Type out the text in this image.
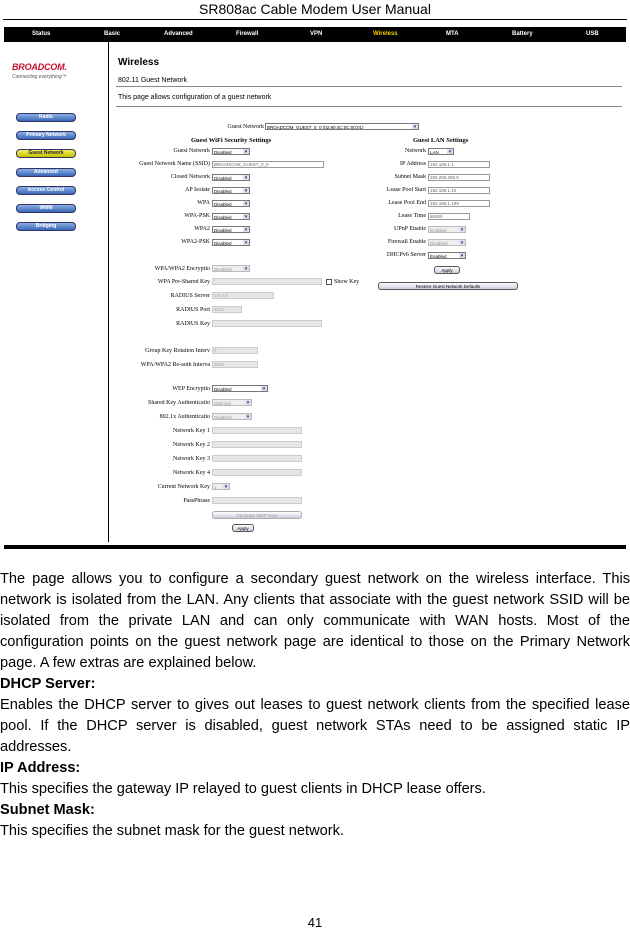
SR808ac Cable Modem User Manual
Status	Basic	Advanced	Firewall	VPN	Wireless	MTA	Battery	USB
BROADCOM.
Connecting everything™
Radio
Primary Network
Guest Network
Advanced
Access Control
WMM
Bridging
Wireless
802.11 Guest Network
This page allows configuration of a guest network
Guest Network BROADCOM_GUEST_0_0 (02:90:4C:0C:00:01) ▾
Guest WiFi Security Settings	Guest LAN Settings
Guest Network Disabled ▾
Guest Network Name (SSID) BROADCOM_GUEST_0_0
Closed Network Disabled ▾
AP Isolate Disabled ▾
WPA Disabled ▾
WPA-PSK Disabled ▾
WPA2 Disabled ▾
WPA2-PSK Disabled ▾
WPA/WPA2 Encryptio Disabled ▾
WPA Pre-Shared Key	Show Key
RADIUS Server 0.0.0.0
RADIUS Port 1812
RADIUS Key
Group Key Rotation Interv 0
WPA/WPA2 Re-auth Interva 3600
WEP Encryptio Disabled ▾
Shared Key Authenticatio Optional ▾
802.1x Authenticatio Disabled ▾
Network Key 1
Network Key 2
Network Key 3
Network Key 4
Current Network Key 1 ▾
PassPhrase
Generate WEP Keys
Apply
Network LAN ▾
IP Address 192.168.1.1
Subnet Mask 255.255.255.0
Lease Pool Start 192.168.1.10
Lease Pool End 192.168.1.199
Lease Time 86400
UPnP Enable Enabled ▾
Firewall Enable Disabled ▾
DHCPv6 Server Enabled ▾
Apply
Restore Guest Network Defaults
The page allows you to configure a secondary guest network on the wireless interface. This network is isolated from the LAN. Any clients that associate with the guest network SSID will be isolated from the private LAN and can only communicate with WAN hosts. Most of the configuration points on the guest network page are identical to those on the Primary Network page. A few extras are explained below.
DHCP Server:
Enables the DHCP server to gives out leases to guest network clients from the specified lease pool. If the DHCP server is disabled, guest network STAs need to be assigned static IP addresses.
IP Address:
This specifies the gateway IP relayed to guest clients in DHCP lease offers.
Subnet Mask:
This specifies the subnet mask for the guest network.
41
